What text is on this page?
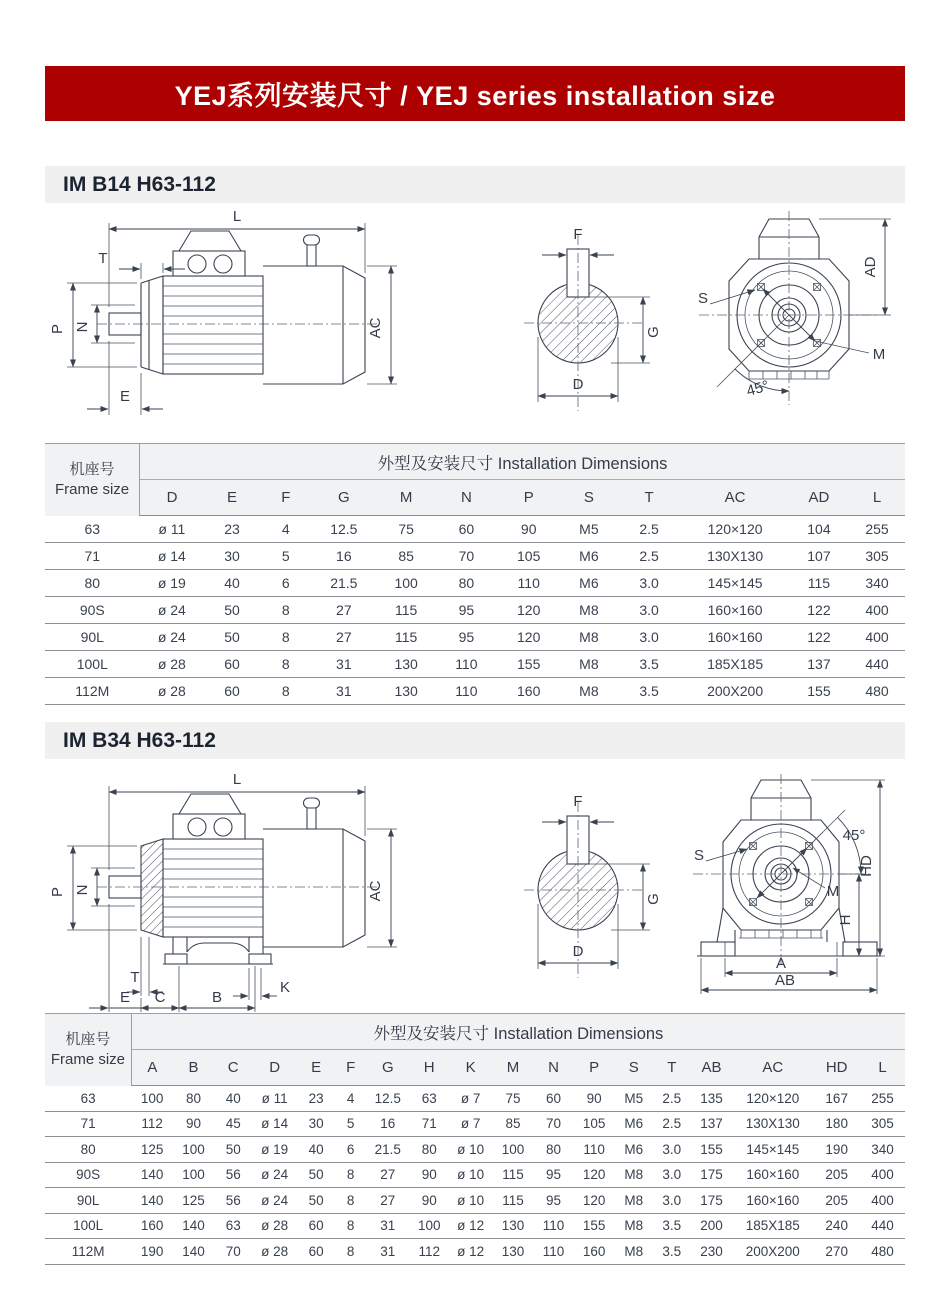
YEJ系列安装尺寸 / YEJ series installation size
IM B14 H63-112
L
T
P N
E
AC
F
G
D
S
M
AD
45°
机座号
Frame size	外型及安装尺寸 Installation Dimensions											
	D	E	F	G	M	N	P	S	T	AC	AD	L
63	ø 11	23	4	12.5	75	60	90	M5	2.5	120×120	104	255
71	ø 14	30	5	16	85	70	105	M6	2.5	130X130	107	305
80	ø 19	40	6	21.5	100	80	110	M6	3.0	145×145	115	340
90S	ø 24	50	8	27	115	95	120	M8	3.0	160×160	122	400
90L	ø 24	50	8	27	115	95	120	M8	3.0	160×160	122	400
100L	ø 28	60	8	31	130	110	155	M8	3.5	185X185	137	440
112M	ø 28	60	8	31	130	110	160	M8	3.5	200X200	155	480
IM B34 H63-112
L
P N	AC
T
E C	B
K
F
G
D
S
M
45°
H
HD
A
AB
机座号
Frame size	外型及安装尺寸 Installation Dimensions																	
	A	B	C	D	E	F	G	H	K	M	N	P	S	T	AB	AC	HD	L
63	100	80	40	ø 11	23	4	12.5	63	ø 7	75	60	90	M5	2.5	135	120×120	167	255
71	112	90	45	ø 14	30	5	16	71	ø 7	85	70	105	M6	2.5	137	130X130	180	305
80	125	100	50	ø 19	40	6	21.5	80	ø 10	100	80	110	M6	3.0	155	145×145	190	340
90S	140	100	56	ø 24	50	8	27	90	ø 10	115	95	120	M8	3.0	175	160×160	205	400
90L	140	125	56	ø 24	50	8	27	90	ø 10	115	95	120	M8	3.0	175	160×160	205	400
100L	160	140	63	ø 28	60	8	31	100	ø 12	130	110	155	M8	3.5	200	185X185	240	440
112M	190	140	70	ø 28	60	8	31	112	ø 12	130	110	160	M8	3.5	230	200X200	270	480
